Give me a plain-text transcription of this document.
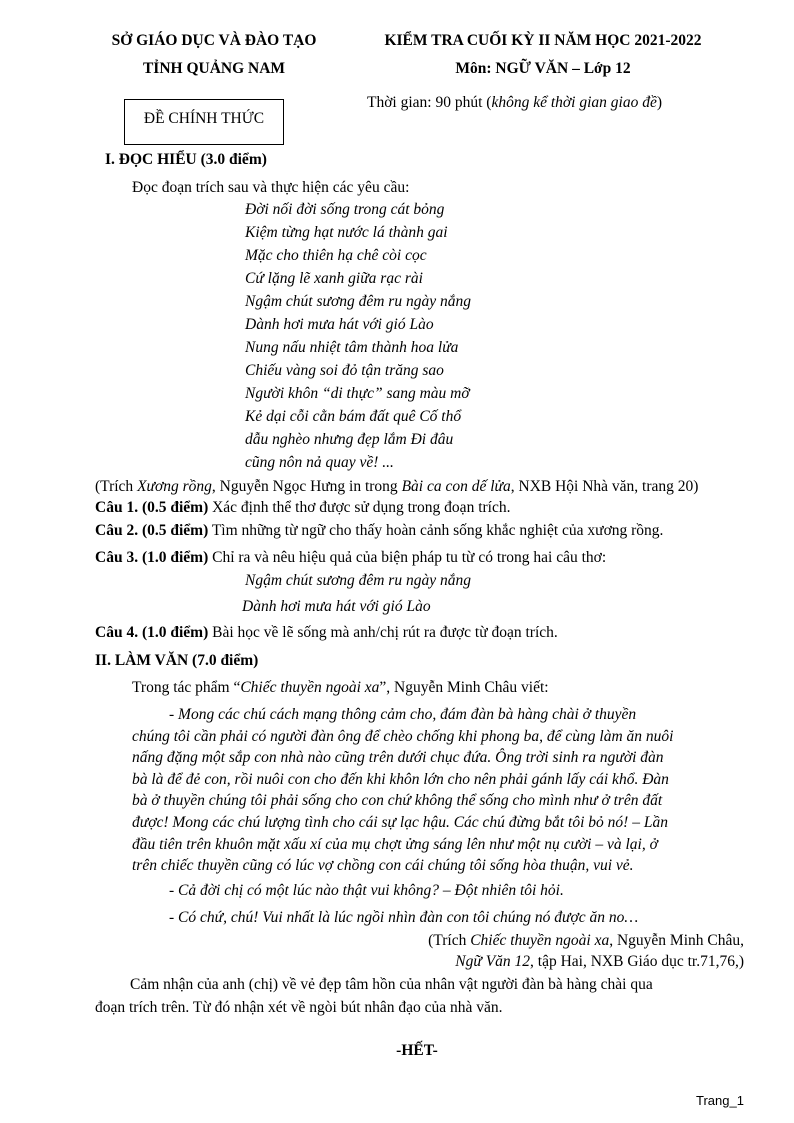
SỞ GIÁO DỤC VÀ ĐÀO TẠO
TỈNH QUẢNG NAM
KIỂM TRA CUỐI KỲ II NĂM HỌC 2021-2022
Môn: NGỮ VĂN – Lớp 12
ĐỀ CHÍNH THỨC
Thời gian: 90 phút (không kể thời gian giao đề)
I. ĐỌC HIỂU (3.0 điểm)
Đọc đoạn trích sau và thực hiện các yêu cầu:
Đời nối đời sống trong cát bỏng
Kiệm từng hạt nước lá thành gai
Mặc cho thiên hạ chê còi cọc
Cứ lặng lẽ xanh giữa rạc rài
Ngậm chút sương đêm ru ngày nắng
Dành hơi mưa hát với gió Lào
Nung nấu nhiệt tâm thành hoa lửa
Chiếu vàng soi đỏ tận trăng sao
Người khôn “di thực” sang màu mỡ
Kẻ dại cỗi cằn bám đất quê Cố thổ
dẫu nghèo nhưng đẹp lắm Đi đâu
cũng nôn nả quay về! ...
(Trích Xương rồng, Nguyễn Ngọc Hưng in trong Bài ca con dế lửa, NXB Hội Nhà văn, trang 20)
Câu 1. (0.5 điểm) Xác định thể thơ được sử dụng trong đoạn trích.
Câu 2. (0.5 điểm) Tìm những từ ngữ cho thấy hoàn cảnh sống khắc nghiệt của xương rồng.
Câu 3. (1.0 điểm) Chỉ ra và nêu hiệu quả của biện pháp tu từ có trong hai câu thơ:
Ngậm chút sương đêm ru ngày nắng
Dành hơi mưa hát với gió Lào
Câu 4. (1.0 điểm) Bài học về lẽ sống mà anh/chị rút ra được từ đoạn trích.
II. LÀM VĂN (7.0 điểm)
Trong tác phẩm “Chiếc thuyền ngoài xa”, Nguyễn Minh Châu viết:
- Mong các chú cách mạng thông cảm cho, đám đàn bà hàng chài ở thuyền
chúng tôi cần phải có người đàn ông để chèo chống khi phong ba, để cùng làm ăn nuôi
nấng đặng một sắp con nhà nào cũng trên dưới chục đứa. Ông trời sinh ra người đàn
bà là để đẻ con, rồi nuôi con cho đến khi khôn lớn cho nên phải gánh lấy cái khổ. Đàn
bà ở thuyền chúng tôi phải sống cho con chứ không thể sống cho mình như ở trên đất
được! Mong các chú lượng tình cho cái sự lạc hậu. Các chú đừng bắt tôi bỏ nó! – Lần
đầu tiên trên khuôn mặt xấu xí của mụ chợt ửng sáng lên như một nụ cười – và lại, ở
trên chiếc thuyền cũng có lúc vợ chồng con cái chúng tôi sống hòa thuận, vui vẻ.
- Cả đời chị có một lúc nào thật vui không? – Đột nhiên tôi hỏi.
- Có chứ, chú! Vui nhất là lúc ngồi nhìn đàn con tôi chúng nó được ăn no…
(Trích Chiếc thuyền ngoài xa, Nguyễn Minh Châu,
Ngữ Văn 12, tập Hai, NXB Giáo dục tr.71,76,)
Cảm nhận của anh (chị) về vẻ đẹp tâm hồn của nhân vật người đàn bà hàng chài qua
đoạn trích trên. Từ đó nhận xét về ngòi bút nhân đạo của nhà văn.
-HẾT-
Trang_1
